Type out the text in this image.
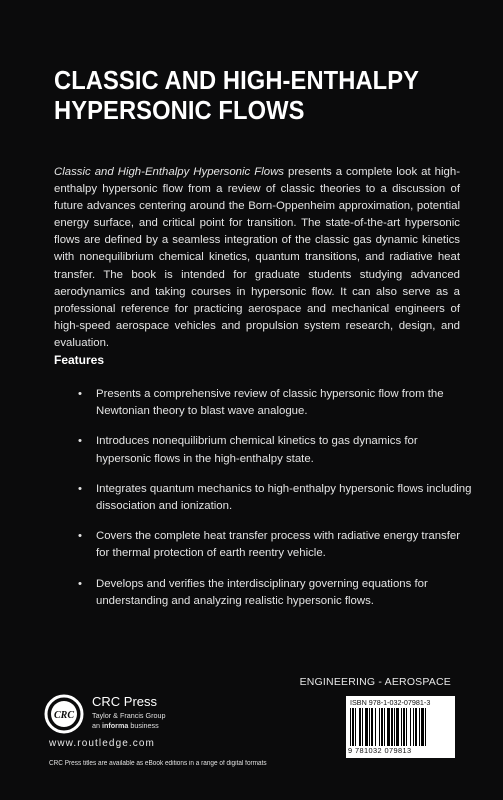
CLASSIC AND HIGH-ENTHALPY
HYPERSONIC FLOWS

Classic and High-Enthalpy Hypersonic Flows presents a complete look at high-enthalpy hypersonic flow from a review of classic theories to a discussion of future advances centering around the Born-Oppenheim approximation, potential energy surface, and critical point for transition. The state-of-the-art hypersonic flows are defined by a seamless integration of the classic gas dynamic kinetics with nonequilibrium chemical kinetics, quantum transitions, and radiative heat transfer. The book is intended for graduate students studying advanced aerodynamics and taking courses in hypersonic flow. It can also serve as a professional reference for practicing aerospace and mechanical engineers of high-speed aerospace vehicles and propulsion system research, design, and evaluation.

Features
• Presents a comprehensive review of classic hypersonic flow from the Newtonian theory to blast wave analogue.
• Introduces nonequilibrium chemical kinetics to gas dynamics for hypersonic flows in the high-enthalpy state.
• Integrates quantum mechanics to high-enthalpy hypersonic flows including dissociation and ionization.
• Covers the complete heat transfer process with radiative energy transfer for thermal protection of earth reentry vehicle.
• Develops and verifies the interdisciplinary governing equations for understanding and analyzing realistic hypersonic flows.
ENGINEERING - AEROSPACE
CRC
CRC Press
Taylor & Francis Group
an informa business
www.routledge.com
CRC Press titles are available as eBook editions in a range of digital formats
ISBN 978-1-032-07981-3
9 781032 079813
